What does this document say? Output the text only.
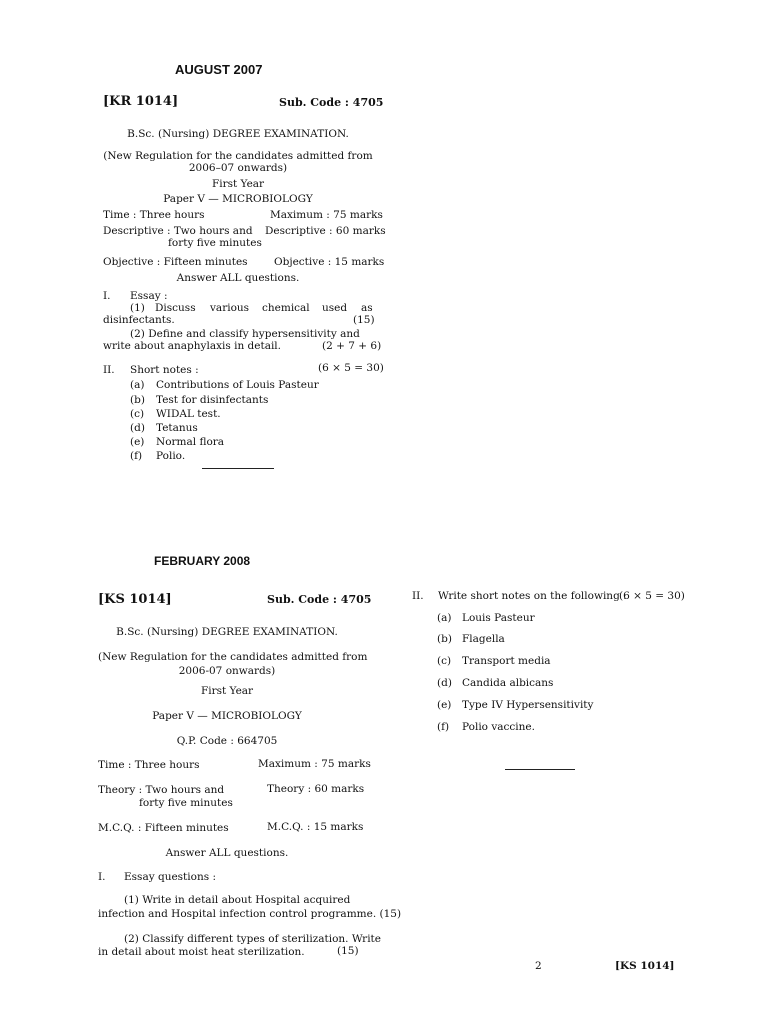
AUGUST 2007
[KR 1014]	Sub. Code : 4705
B.Sc. (Nursing) DEGREE EXAMINATION.
(New Regulation for the candidates admitted from
2006–07 onwards)
First Year
Paper V — MICROBIOLOGY
Time : Three hours	Maximum : 75 marks
Descriptive : Two hours and
forty five minutes
Descriptive : 60 marks
Objective : Fifteen minutes	Objective : 15 marks
Answer ALL questions.
I. Essay :
(1) Discuss various chemical used as
disinfectants.	(15)
(2) Define and classify hypersensitivity and
write about anaphylaxis in detail.	(2 + 7 + 6)
II. Short notes :	(6 × 5 = 30)
(a) Contributions of Louis Pasteur
(b) Test for disinfectants
(c) WIDAL test.
(d) Tetanus
(e) Normal flora
(f) Polio.
FEBRUARY 2008
[KS 1014]	Sub. Code : 4705
B.Sc. (Nursing) DEGREE EXAMINATION.
(New Regulation for the candidates admitted from
2006-07 onwards)
First Year
Paper V — MICROBIOLOGY
Q.P. Code : 664705
Time : Three hours	Maximum : 75 marks
Theory : Two hours and
forty five minutes
Theory : 60 marks
M.C.Q. : Fifteen minutes	M.C.Q. : 15 marks
Answer ALL questions.
I. Essay questions :
(1) Write in detail about Hospital acquired
infection and Hospital infection control programme. (15)
(2) Classify different types of sterilization. Write
in detail about moist heat sterilization.	(15)
II. Write short notes on the following :
(6 × 5 = 30)
(a) Louis Pasteur
(b) Flagella
(c) Transport media
(d) Candida albicans
(e) Type IV Hypersensitivity
(f) Polio vaccine.
2	[KS 1014]
